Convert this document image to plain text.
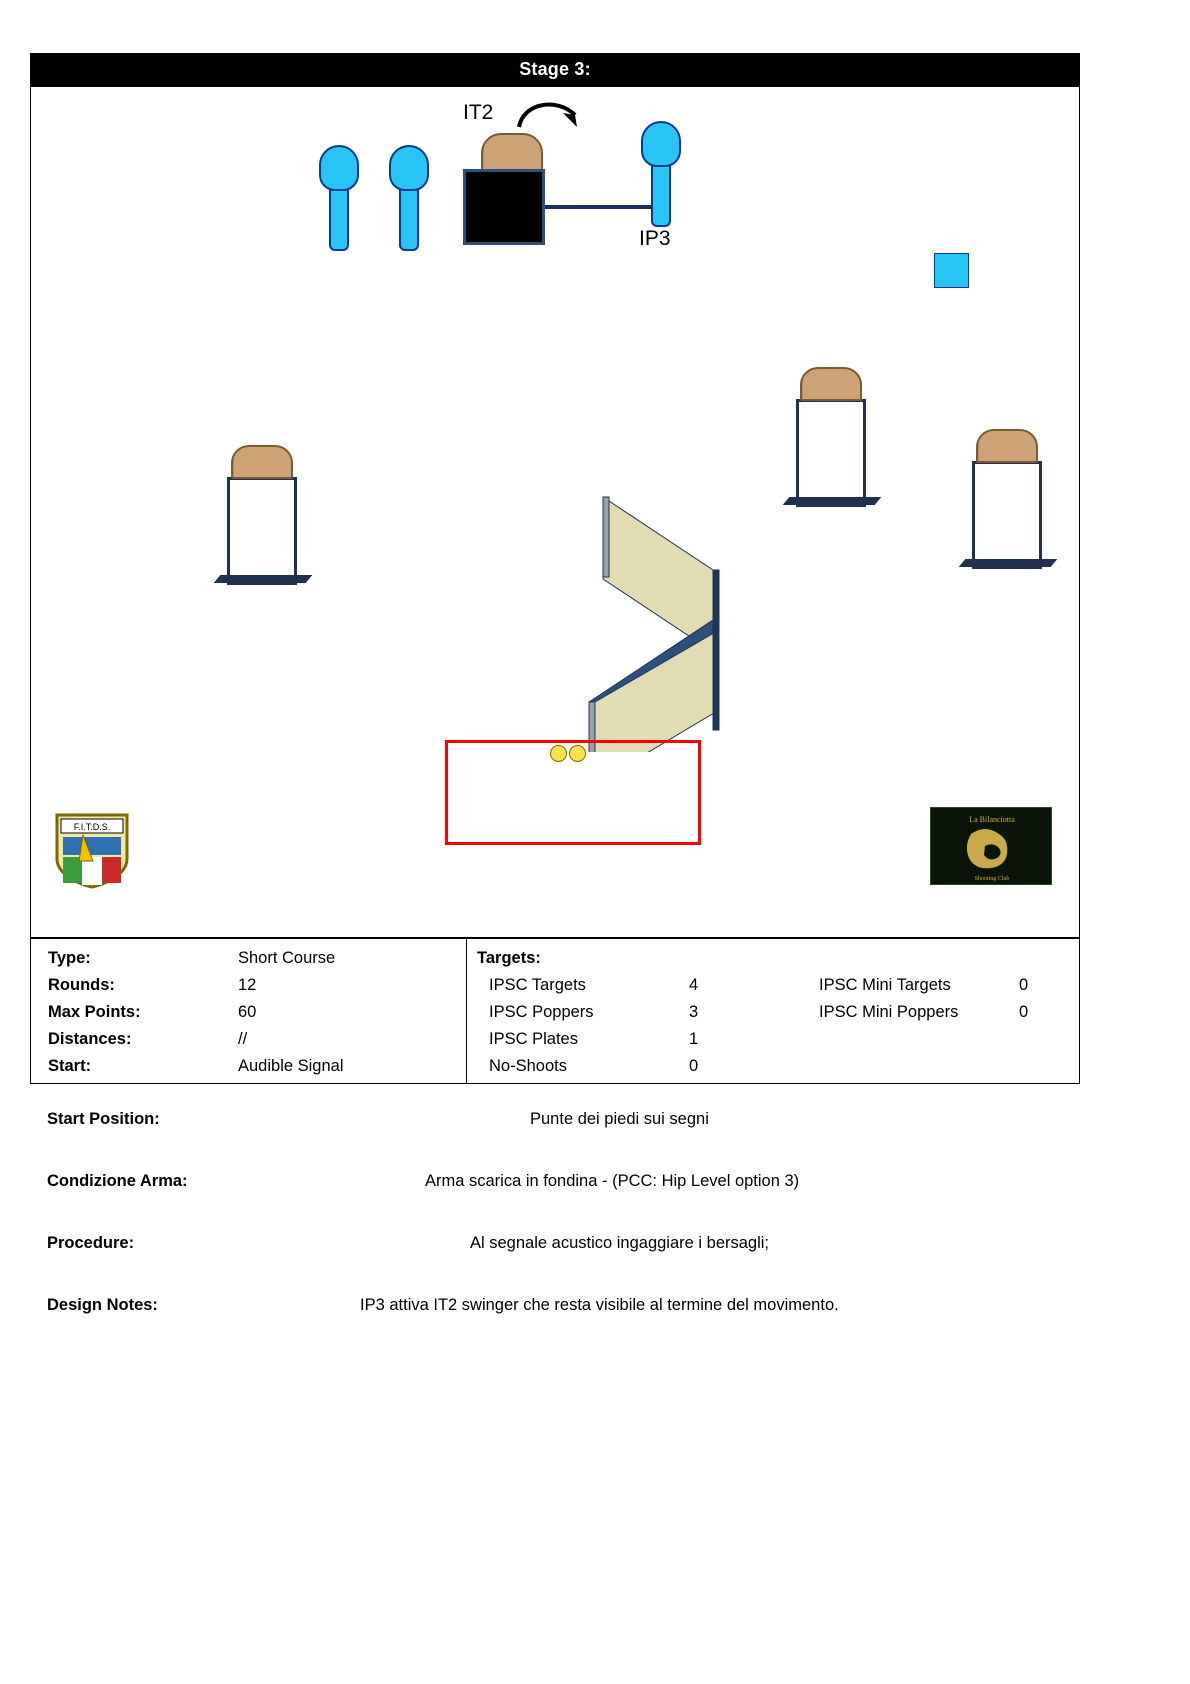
Stage 3:
IT2
IP3
F.I.T.D.S.
La Bilanciotta
Shooting Club
Type:	Short Course
Rounds:	12
Max Points:	60
Distances:	//
Start:	Audible Signal
Targets:
IPSC Targets	4	IPSC Mini Targets	0
IPSC Poppers	3	IPSC Mini Poppers	0
IPSC Plates	1
No-Shoots	0
Start Position:	Punte dei piedi sui segni
Condizione Arma:	Arma scarica in fondina - (PCC: Hip Level option 3)
Procedure:	Al segnale acustico ingaggiare i bersagli;
Design Notes:	IP3 attiva IT2 swinger che resta visibile al termine del movimento.
